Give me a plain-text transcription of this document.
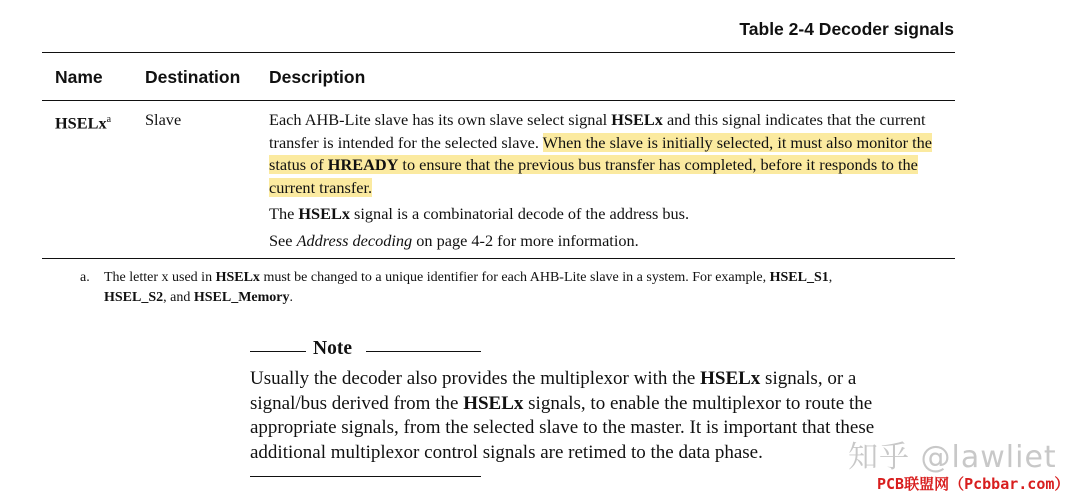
Table 2-4 Decoder signals
Name Destination Description
HSELx$^a$ Slave	Each AHB-Lite slave has its own slave select signal HSELx and this signal indicates that the current transfer is intended for the selected slave. When the slave is initially selected, it must also monitor the status of HREADY to ensure that the previous bus transfer has completed, before it responds to the current transfer.
The HSELx signal is a combinatorial decode of the address bus.
See Address decoding on page 4-2 for more information.
a. The letter x used in HSELx must be changed to a unique identifier for each AHB-Lite slave in a system. For example, HSEL_S1, HSEL_S2, and HSEL_Memory.
Note
Usually the decoder also provides the multiplexor with the HSELx signals, or a signal/bus derived from the HSELx signals, to enable the multiplexor to route the appropriate signals, from the selected slave to the master. It is important that these additional multiplexor control signals are retimed to the data phase.	知乎 @lawliet
PCB联盟网（Pcbbar.com）
